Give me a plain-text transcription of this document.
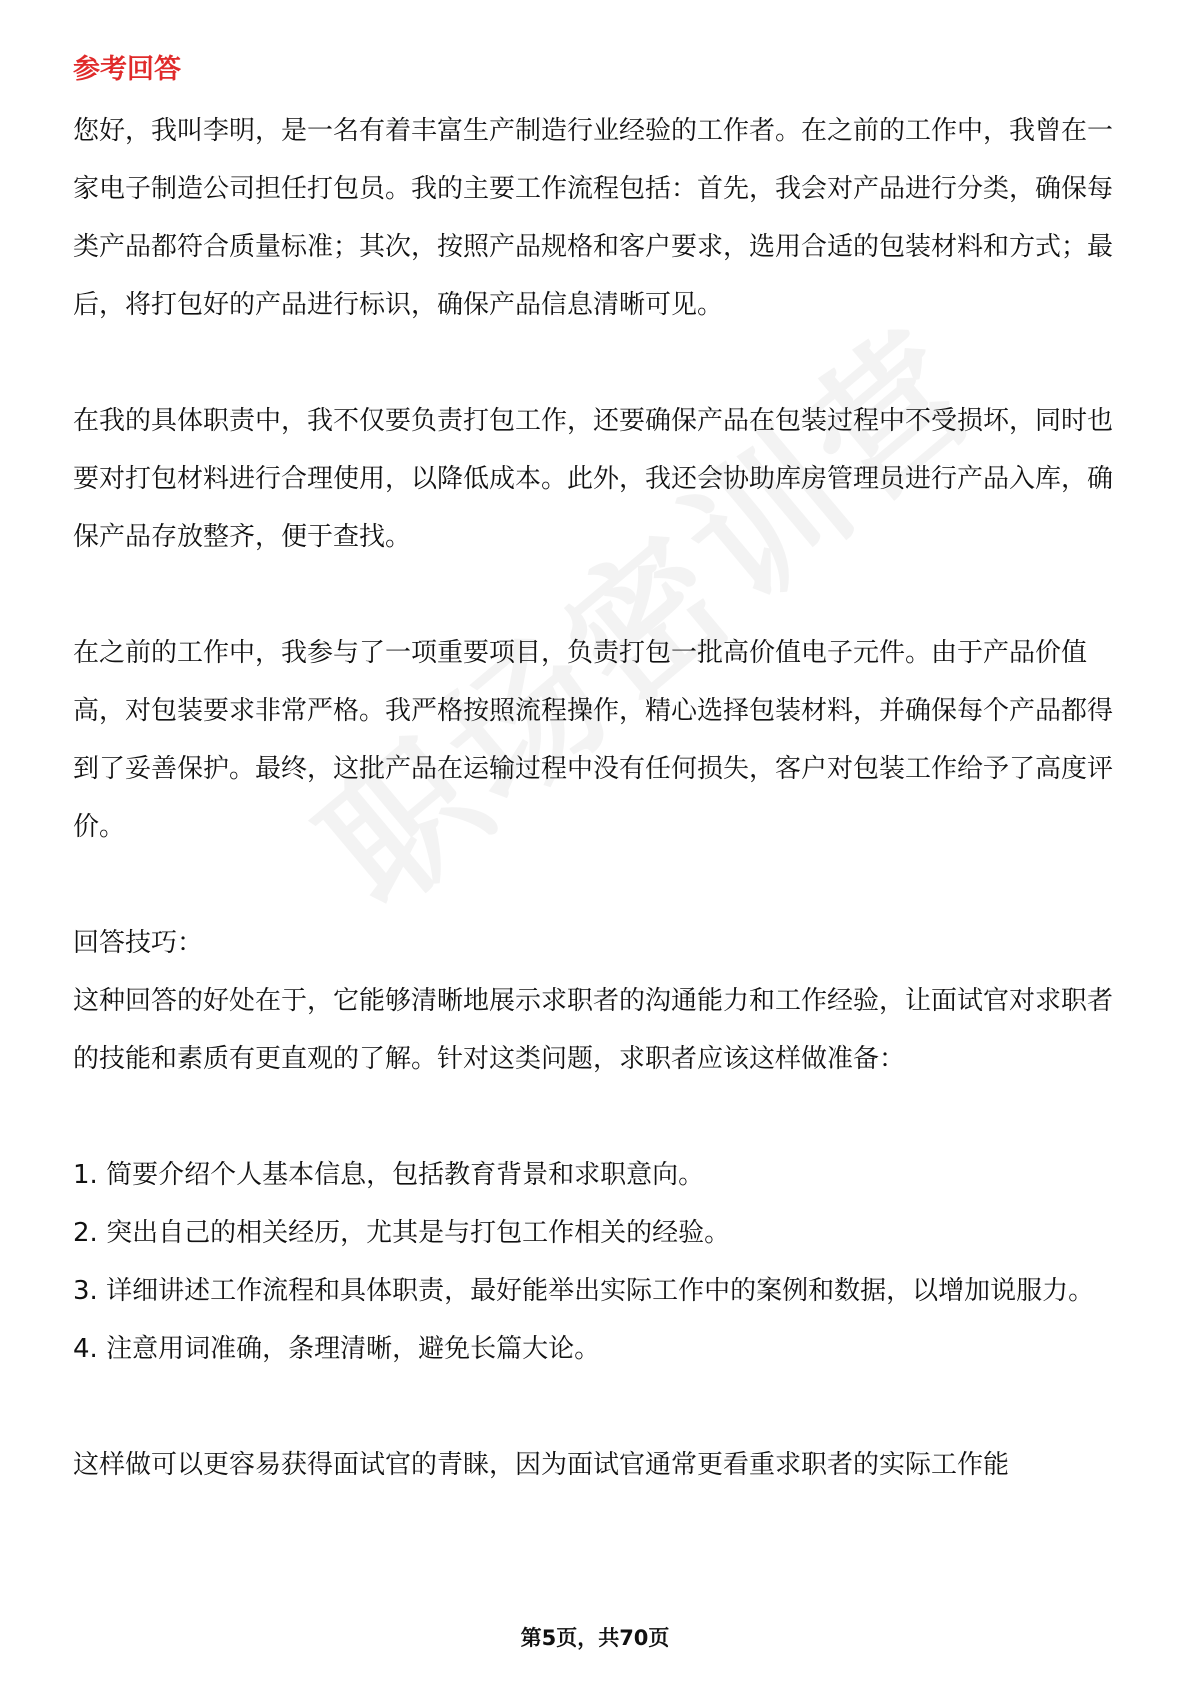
参考回答

您好，我叫李明，是一名有着丰富生产制造行业经验的工作者。在之前的工作中，我曾在一家电子制造公司担任打包员。我的主要工作流程包括：首先，我会对产品进行分类，确保每类产品都符合质量标准；其次，按照产品规格和客户要求，选用合适的包装材料和方式；最后，将打包好的产品进行标识，确保产品信息清晰可见。

在我的具体职责中，我不仅要负责打包工作，还要确保产品在包装过程中不受损坏，同时也要对打包材料进行合理使用，以降低成本。此外，我还会协助库房管理员进行产品入库，确保产品存放整齐，便于查找。

在之前的工作中，我参与了一项重要项目，负责打包一批高价值电子元件。由于产品价值高，对包装要求非常严格。我严格按照流程操作，精心选择包装材料，并确保每个产品都得到了妥善保护。最终，这批产品在运输过程中没有任何损失，客户对包装工作给予了高度评价。

回答技巧：

这种回答的好处在于，它能够清晰地展示求职者的沟通能力和工作经验，让面试官对求职者的技能和素质有更直观的了解。针对这类问题，求职者应该这样做准备：

1. 简要介绍个人基本信息，包括教育背景和求职意向。

2. 突出自己的相关经历，尤其是与打包工作相关的经验。

3. 详细讲述工作流程和具体职责，最好能举出实际工作中的案例和数据，以增加说服力。

4. 注意用词准确，条理清晰，避免长篇大论。

这样做可以更容易获得面试官的青睐，因为面试官通常更看重求职者的实际工作能

第5页，共70页
